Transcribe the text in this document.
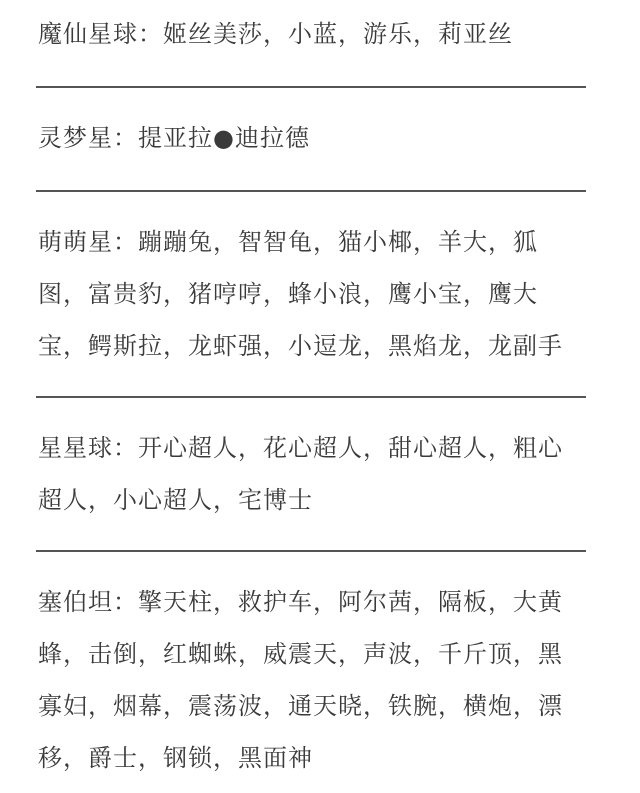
魔仙星球：姬丝美莎，小蓝，游乐，莉亚丝
灵梦星：提亚拉●迪拉德
萌萌星：蹦蹦兔，智智龟，猫小椰，羊大，狐
图，富贵豹，猪哼哼，蜂小浪，鹰小宝，鹰大
宝，鳄斯拉，龙虾强，小逗龙，黑焰龙，龙副手
星星球：开心超人，花心超人，甜心超人，粗心
超人，小心超人，宅博士
塞伯坦：擎天柱，救护车，阿尔茜，隔板，大黄
蜂，击倒，红蜘蛛，威震天，声波，千斤顶，黑
寡妇，烟幕，震荡波，通天晓，铁腕，横炮，漂
移，爵士，钢锁，黑面神
